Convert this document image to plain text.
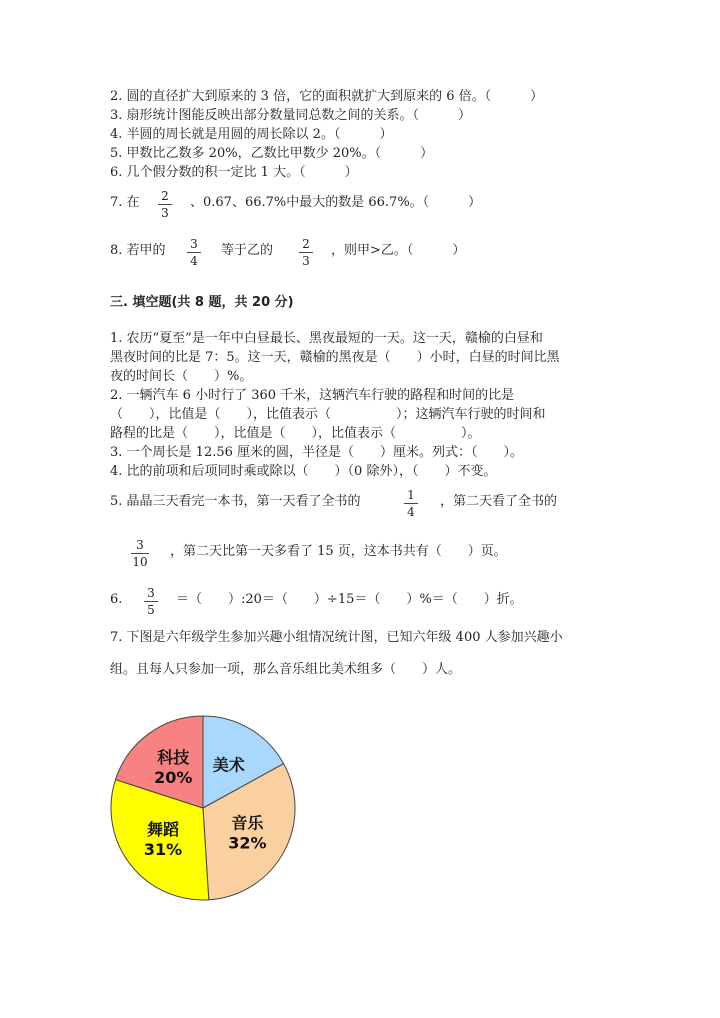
2. 圆的直径扩大到原来的 3 倍，它的面积就扩大到原来的 6 倍。（　　　）
3. 扇形统计图能反映出部分数量同总数之间的关系。（　　　）
4. 半圆的周长就是用圆的周长除以 2。（　　　）
5. 甲数比乙数多 20%，乙数比甲数少 20%。（　　　）
6. 几个假分数的积一定比 1 大。（　　　）
7. 在 2
3
、0.67、66.7%中最大的数是 66.7%。（　　　）
8. 若甲的 3
4
等于乙的 2
3
，则甲>乙。（　　　）
三. 填空题(共 8 题，共 20 分)
1. 农历“夏至”是一年中白昼最长、黑夜最短的一天。这一天，赣榆的白昼和
黑夜时间的比是 7：5。这一天，赣榆的黑夜是（　　）小时，白昼的时间比黑
夜的时间长（　　）%。
2. 一辆汽车 6 小时行了 360 千米，这辆汽车行驶的路程和时间的比是
（　　），比值是（　　），比值表示（　　　　　）；这辆汽车行驶的时间和
路程的比是（　　），比值是（　　），比值表示（　　　　　）。
3. 一个周长是 12.56 厘米的圆，半径是（　　）厘米。列式：（　　）。
4. 比的前项和后项同时乘或除以（　　）（0 除外），（　　）不变。
5. 晶晶三天看完一本书，第一天看了全书的	1
4
，第二天看了全书的
3
10
，第二天比第一天多看了 15 页，这本书共有（　　）页。
6. 3
5
＝（　　）:20＝（　　）÷15＝（　　）%＝（　　）折。
7. 下图是六年级学生参加兴趣小组情况统计图，已知六年级 400 人参加兴趣小
组。且每人只参加一项，那么音乐组比美术组多（　　）人。
美术
音乐
32%
舞蹈
31%
科技
20%
